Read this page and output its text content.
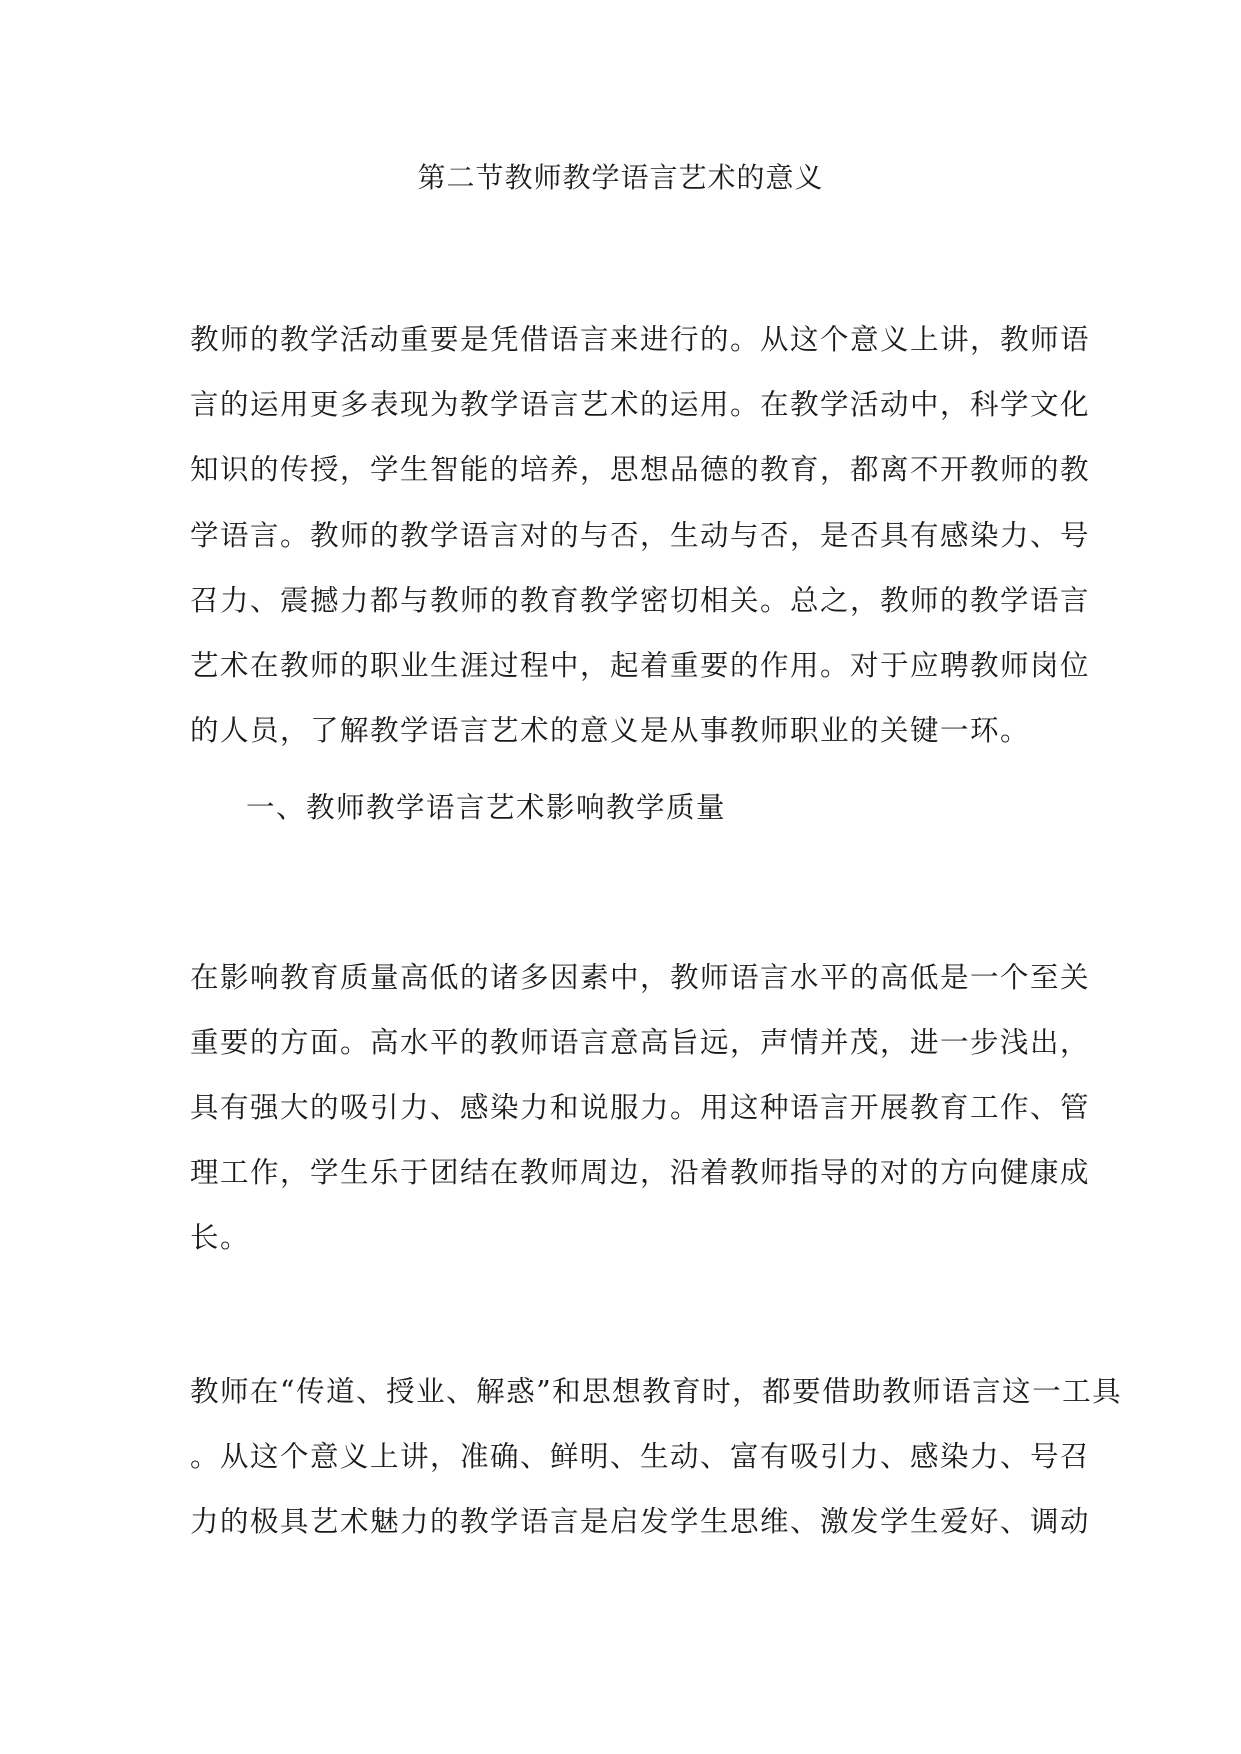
第二节教师教学语言艺术的意义
教师的教学活动重要是凭借语言来进行的。从这个意义上讲，教师语
言的运用更多表现为教学语言艺术的运用。在教学活动中，科学文化
知识的传授，学生智能的培养，思想品德的教育，都离不开教师的教
学语言。教师的教学语言对的与否，生动与否，是否具有感染力、号
召力、震撼力都与教师的教育教学密切相关。总之，教师的教学语言
艺术在教师的职业生涯过程中，起着重要的作用。对于应聘教师岗位
的人员，了解教学语言艺术的意义是从事教师职业的关键一环。
一、教师教学语言艺术影响教学质量
在影响教育质量高低的诸多因素中，教师语言水平的高低是一个至关
重要的方面。高水平的教师语言意高旨远，声情并茂，进一步浅出，
具有强大的吸引力、感染力和说服力。用这种语言开展教育工作、管
理工作，学生乐于团结在教师周边，沿着教师指导的对的方向健康成
长。
教师在“传道、授业、解惑”和思想教育时，都要借助教师语言这一工具
。从这个意义上讲，准确、鲜明、生动、富有吸引力、感染力、号召
力的极具艺术魅力的教学语言是启发学生思维、激发学生爱好、调动
